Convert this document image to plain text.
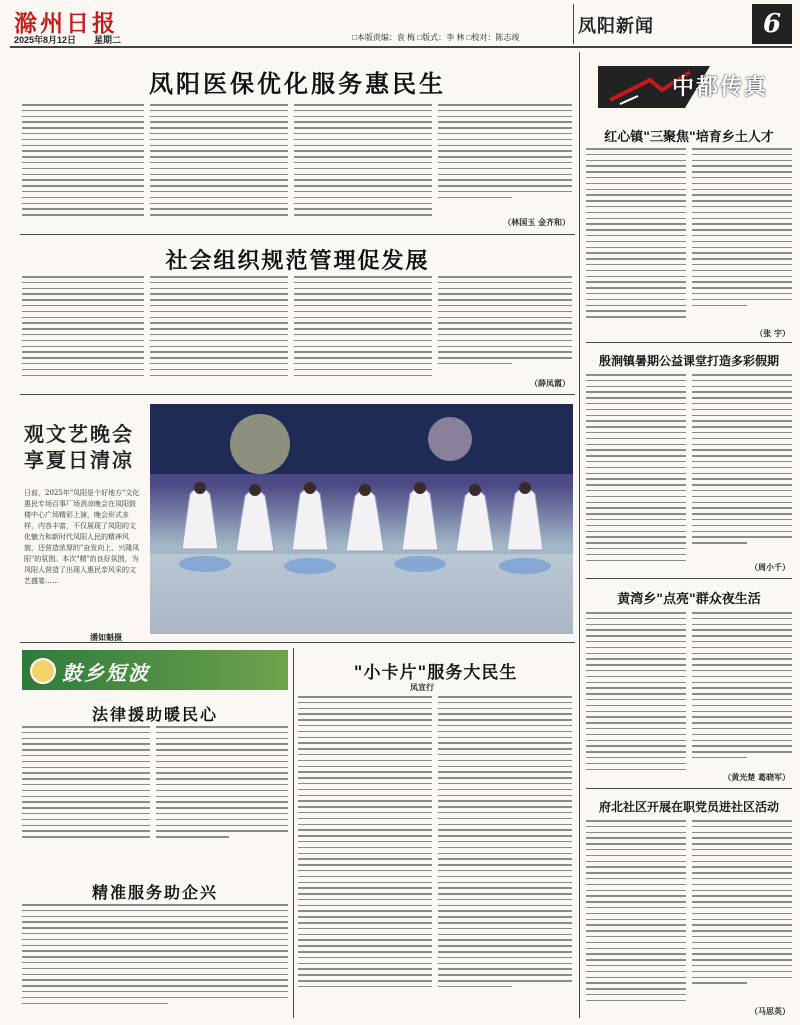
滁州日报
2025年8月12日 星期二	□本版责编：袁 梅 □版式：李 林 □校对：陈志竣
凤阳新闻	6
凤阳医保优化服务惠民生
（林国玉 金齐和）
社会组织规范管理促发展
（薛凤霞）
观文艺晚会
享夏日清凉
日前，2025年"凤阳是个好地方"文化惠民专场百事厂场消凉晚会在凤阳鼓楼中心广场精彩上演，晚会形式多样，内容丰富，不仅展现了凤阳的文化魅力和新时代凤阳人民的精神风貌，还营造浓厚的"奋发向上、兴隆凤阳"的氛围。本次"精"的良好氛围，为凤阳人营造了出现人惠民亲风采的文艺盛宴……
潘如魁摄
鼓乡短波
法律援助暖民心
精准服务助企兴
"小卡片"服务大民生
凤宣行
中都传真
红心镇"三聚焦"培育乡土人才
（张 宇）
殷涧镇暑期公益课堂打造多彩假期
（周小千）
黄湾乡"点亮"群众夜生活
（黄光楚 葛晓军）
府北社区开展在职党员进社区活动
（马思英）
